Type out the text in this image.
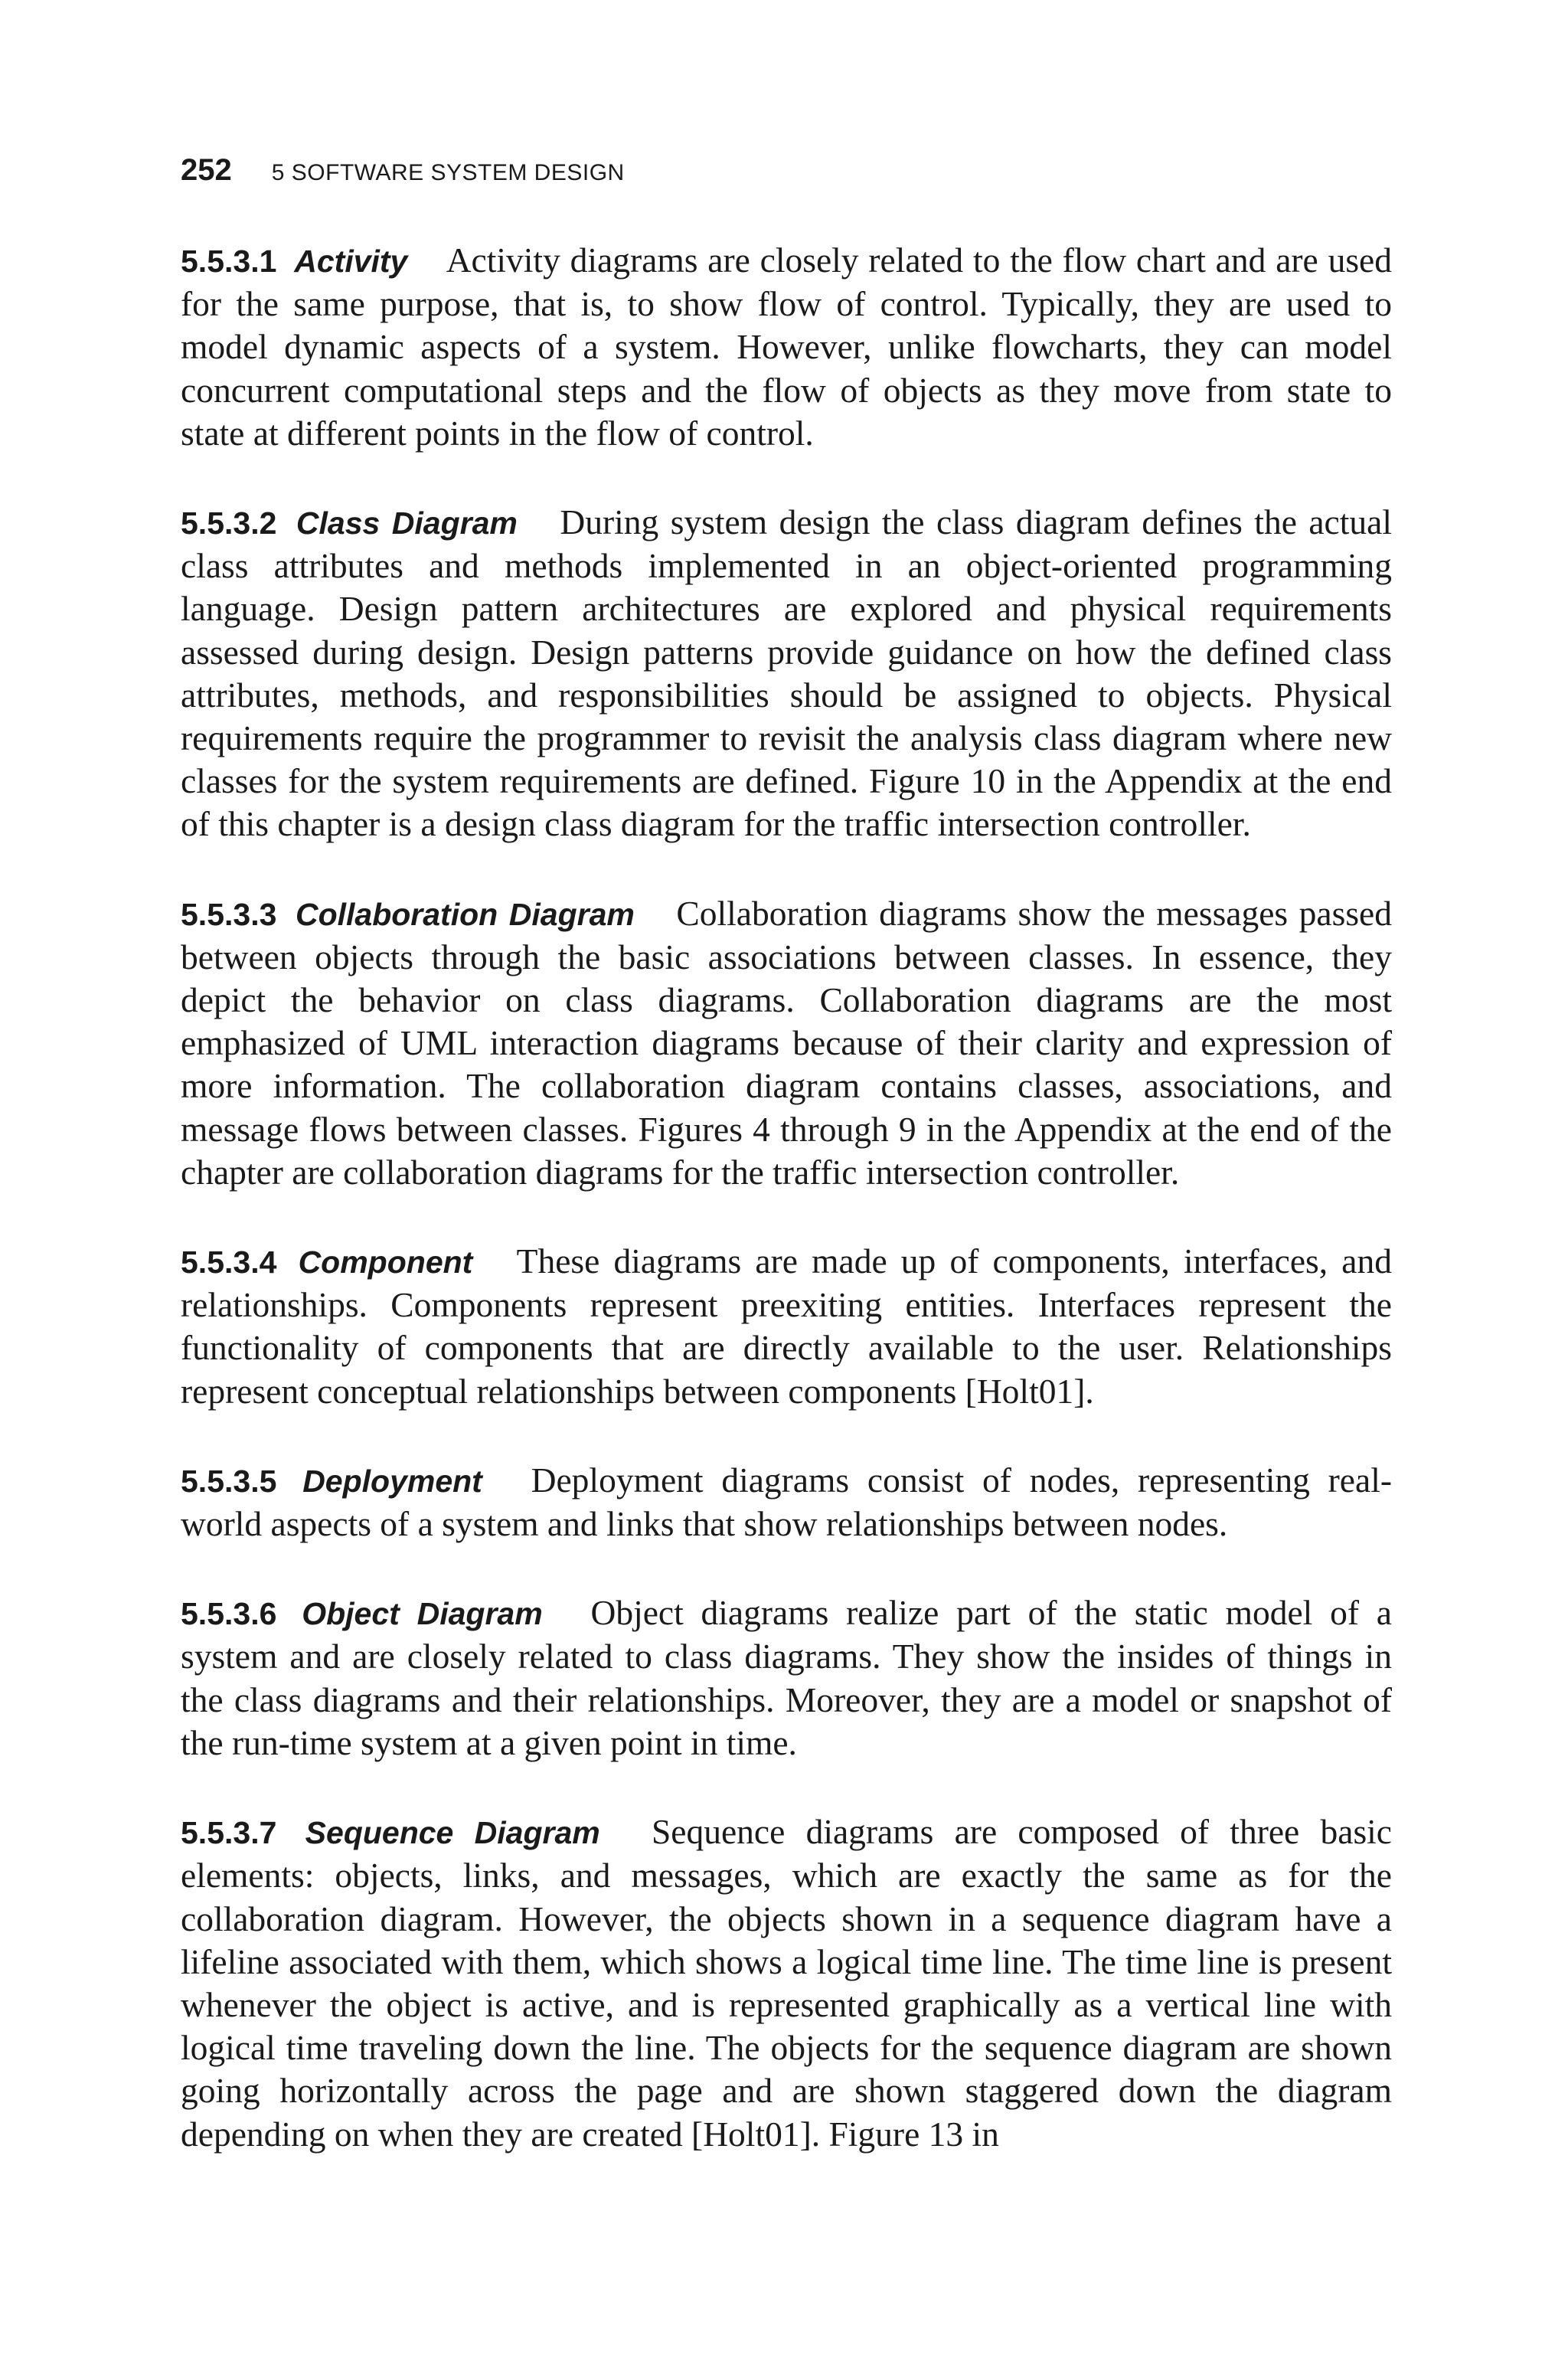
252 5 SOFTWARE SYSTEM DESIGN

5.5.3.1 Activity Activity diagrams are closely related to the flow chart and are used for the same purpose, that is, to show flow of control. Typically, they are used to model dynamic aspects of a system. However, unlike flowcharts, they can model concurrent computational steps and the flow of objects as they move from state to state at different points in the flow of control.

5.5.3.2 Class Diagram During system design the class diagram defines the actual class attributes and methods implemented in an object-oriented programming language. Design pattern architectures are explored and physical requirements assessed during design. Design patterns provide guidance on how the defined class attributes, methods, and responsibilities should be assigned to objects. Physical requirements require the programmer to revisit the analysis class diagram where new classes for the system requirements are defined. Figure 10 in the Appendix at the end of this chapter is a design class diagram for the traffic intersection controller.

5.5.3.3 Collaboration Diagram Collaboration diagrams show the messages passed between objects through the basic associations between classes. In essence, they depict the behavior on class diagrams. Collaboration diagrams are the most emphasized of UML interaction diagrams because of their clarity and expression of more information. The collaboration diagram contains classes, associations, and message flows between classes. Figures 4 through 9 in the Appendix at the end of the chapter are collaboration diagrams for the traffic intersection controller.

5.5.3.4 Component These diagrams are made up of components, interfaces, and relationships. Components represent preexiting entities. Interfaces represent the functionality of components that are directly available to the user. Relationships represent conceptual relationships between components [Holt01].

5.5.3.5 Deployment Deployment diagrams consist of nodes, representing real-world aspects of a system and links that show relationships between nodes.

5.5.3.6 Object Diagram Object diagrams realize part of the static model of a system and are closely related to class diagrams. They show the insides of things in the class diagrams and their relationships. Moreover, they are a model or snapshot of the run-time system at a given point in time.

5.5.3.7 Sequence Diagram Sequence diagrams are composed of three basic elements: objects, links, and messages, which are exactly the same as for the collaboration diagram. However, the objects shown in a sequence diagram have a lifeline associated with them, which shows a logical time line. The time line is present whenever the object is active, and is represented graphically as a vertical line with logical time traveling down the line. The objects for the sequence diagram are shown going horizontally across the page and are shown staggered down the diagram depending on when they are created [Holt01]. Figure 13 in
